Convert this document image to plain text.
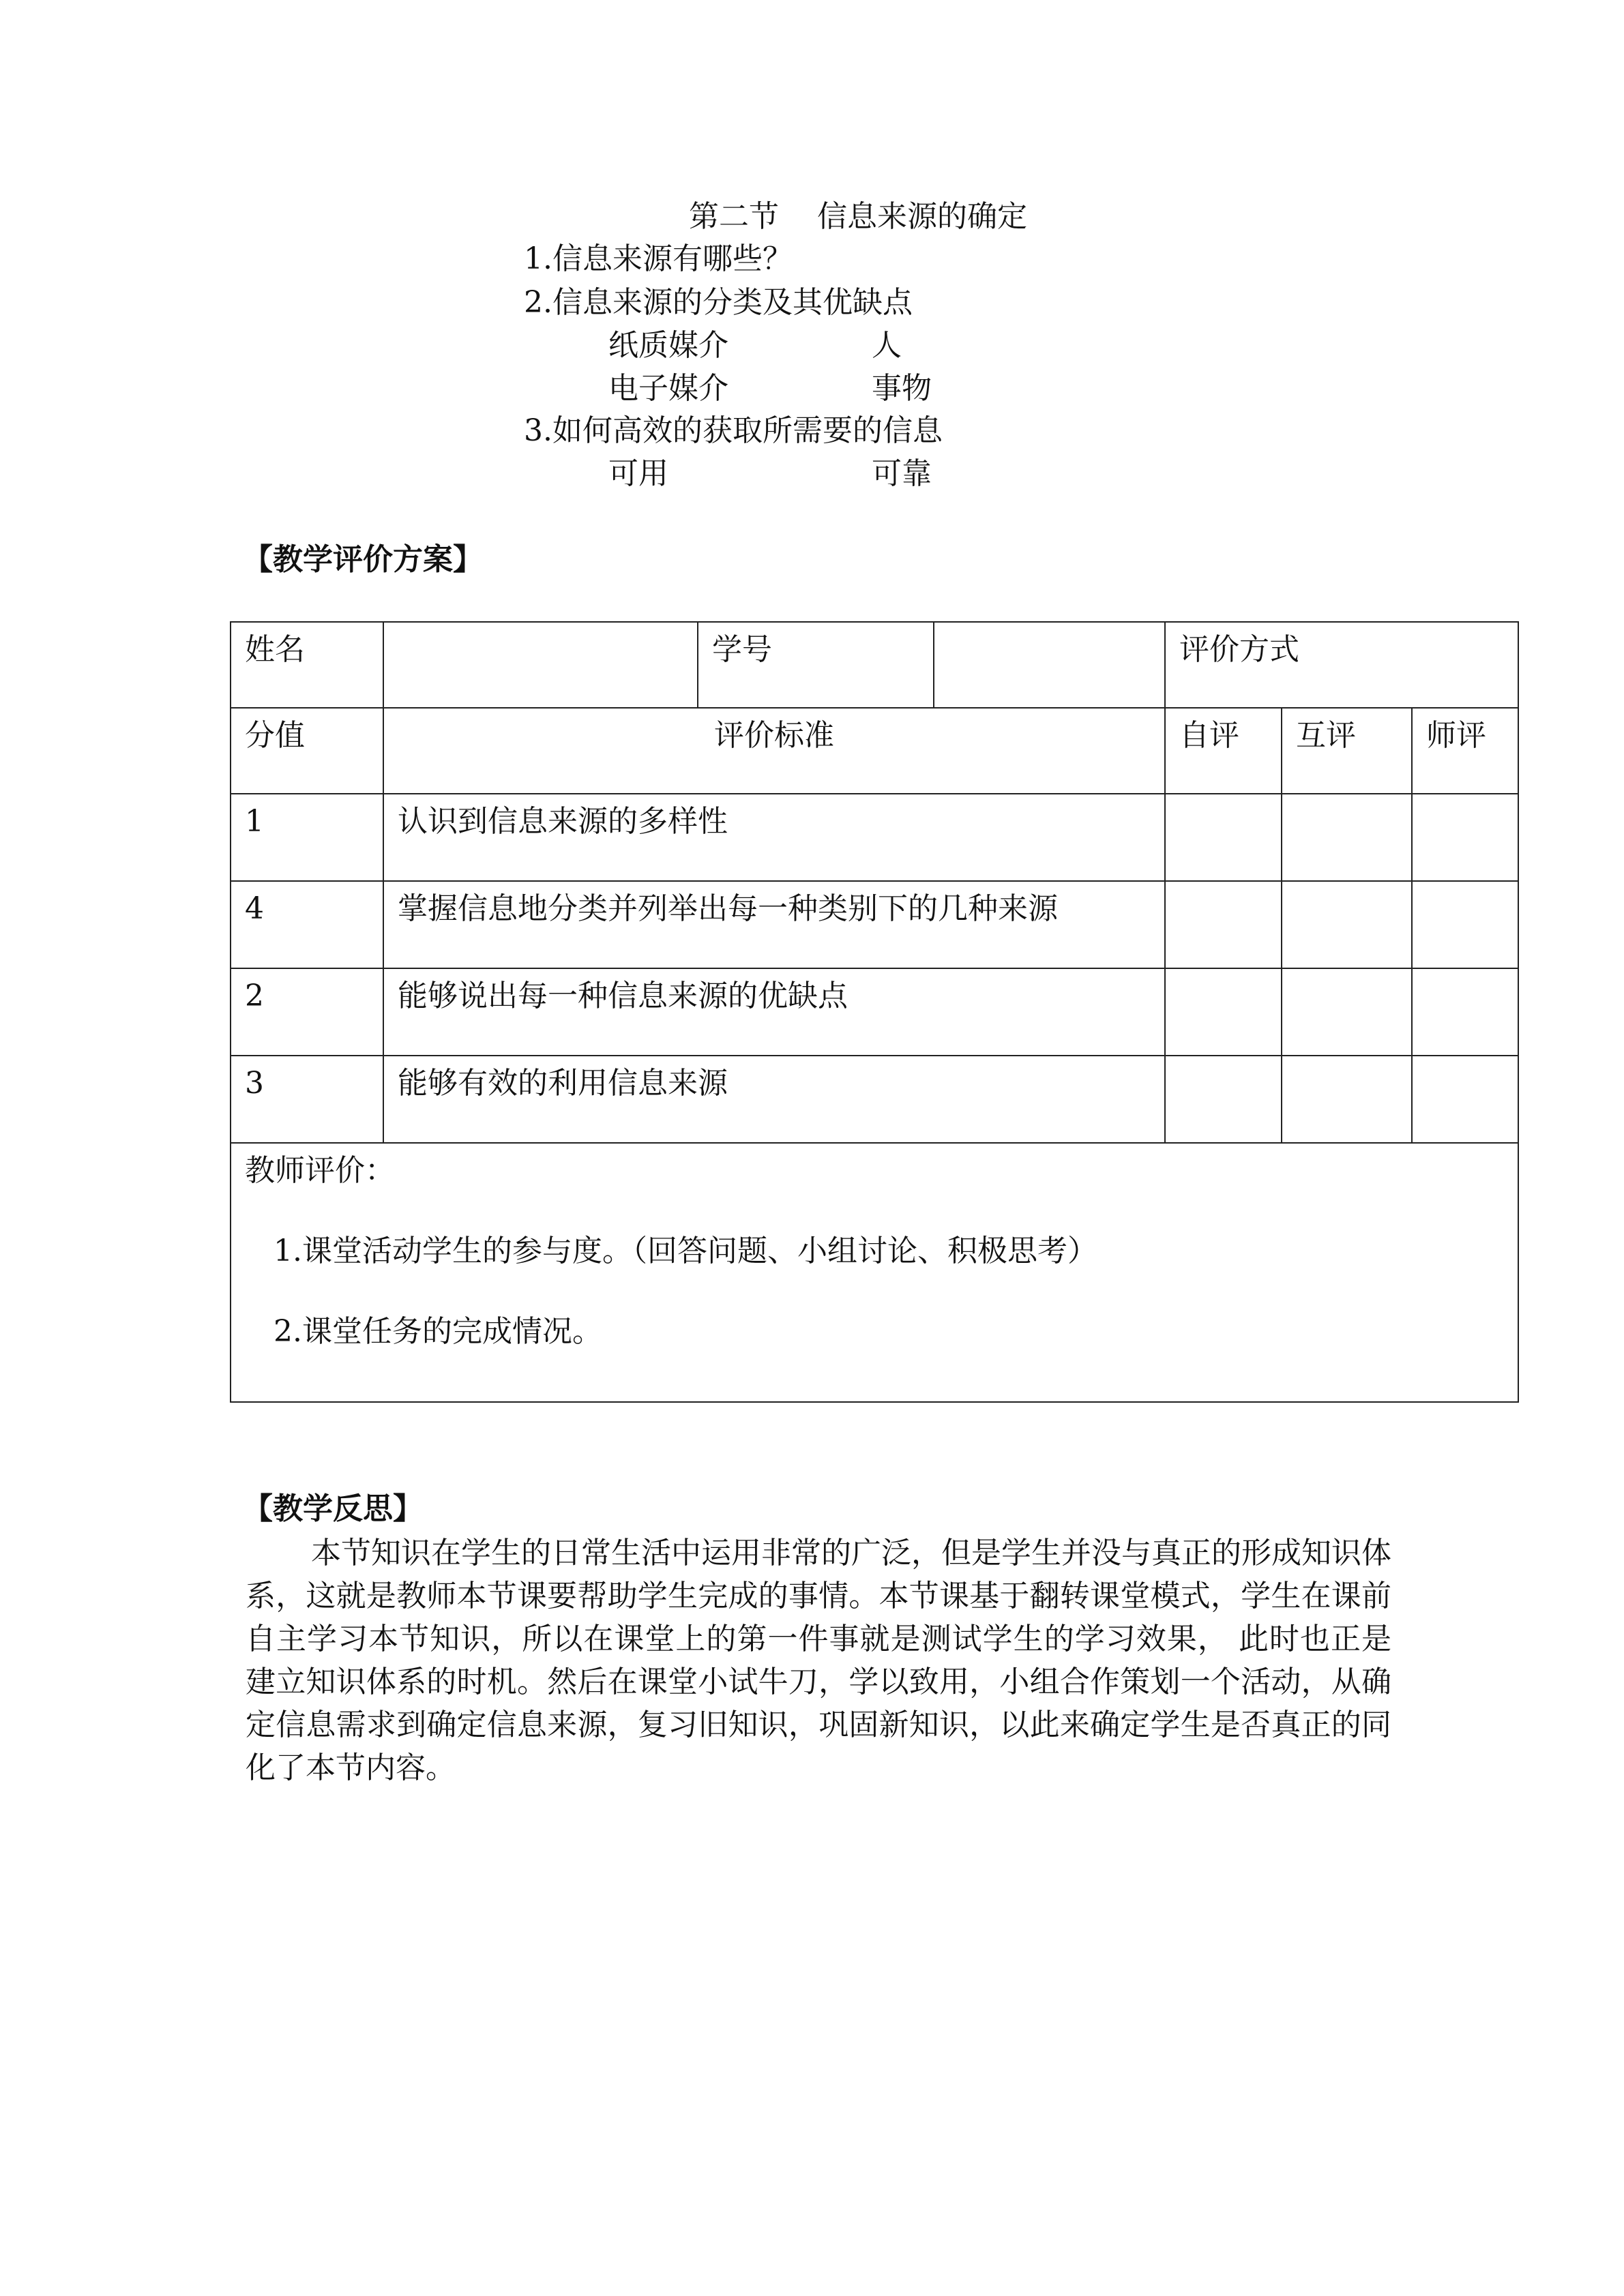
第二节    信息来源的确定
1.信息来源有哪些？
2.信息来源的分类及其优缺点
纸质媒介	人
电子媒介	事物
3.如何高效的获取所需要的信息
可用	可靠
【教学评价方案】
姓名		学号		评价方式		
分值	评价标准			自评	互评	师评
1	认识到信息来源的多样性					
4	掌握信息地分类并列举出每一种类别下的几种来源					
2	能够说出每一种信息来源的优缺点					
3	能够有效的利用信息来源					

教师评价：
1.课堂活动学生的参与度。（回答问题、小组讨论、积极思考）
2.课堂任务的完成情况。						
【教学反思】

本节知识在学生的日常生活中运用非常的广泛，但是学生并没与真正的形成知识体系，这就是教师本节课要帮助学生完成的事情。本节课基于翻转课堂模式，学生在课前自主学习本节知识，所以在课堂上的第一件事就是测试学生的学习效果， 此时也正是建立知识体系的时机。然后在课堂小试牛刀，学以致用，小组合作策划一个活动，从确定信息需求到确定信息来源，复习旧知识，巩固新知识，以此来确定学生是否真正的同化了本节内容。
